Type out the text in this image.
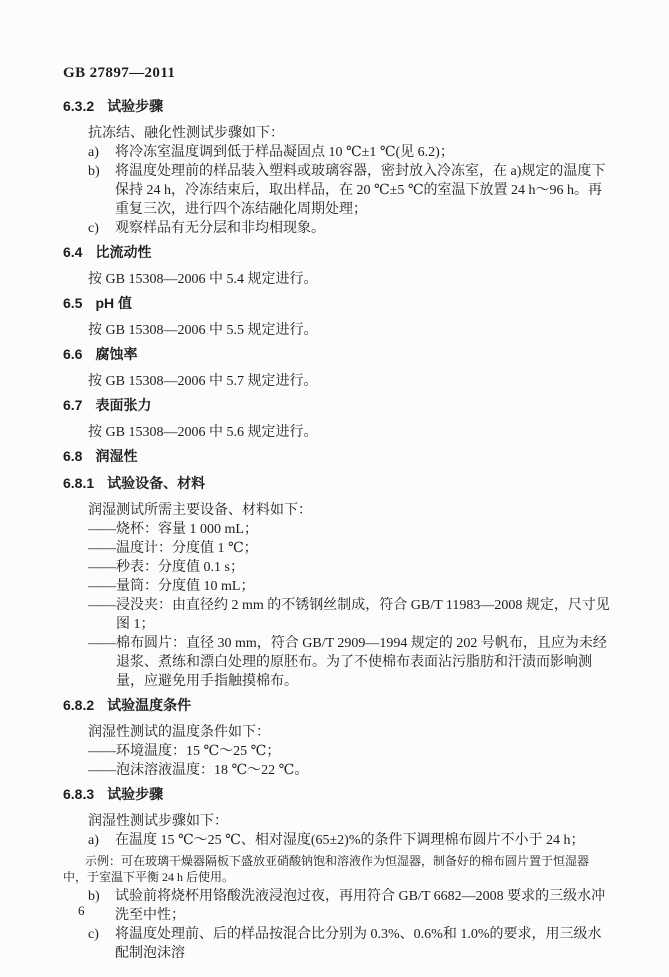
GB 27897—2011
6.3.2 试验步骤

抗冻结、融化性测试步骤如下：

a)	将冷冻室温度调到低于样品凝固点 10 ℃±1 ℃(见 6.2)；
b)	将温度处理前的样品装入塑料或玻璃容器，密封放入冷冻室，在 a)规定的温度下保持 24 h，冷冻结束后，取出样品，在 20 ℃±5 ℃的室温下放置 24 h～96 h。再重复三次，进行四个冻结融化周期处理；
c)	观察样品有无分层和非均相现象。
6.4 比流动性

按 GB 15308—2006 中 5.4 规定进行。

6.5 pH 值

按 GB 15308—2006 中 5.5 规定进行。

6.6 腐蚀率

按 GB 15308—2006 中 5.7 规定进行。

6.7 表面张力

按 GB 15308—2006 中 5.6 规定进行。

6.8 润湿性
6.8.1 试验设备、材料

润湿测试所需主要设备、材料如下：

——烧杯：容量 1 000 mL；
——温度计：分度值 1 ℃；
——秒表：分度值 0.1 s；
——量筒：分度值 10 mL；
——浸没夹：由直径约 2 mm 的不锈钢丝制成，符合 GB/T 11983—2008 规定，尺寸见图 1；
——棉布圆片：直径 30 mm，符合 GB/T 2909—1994 规定的 202 号帆布，且应为未经退浆、煮练和漂白处理的原胚布。为了不使棉布表面沾污脂肪和汗渍而影响测量，应避免用手指触摸棉布。
6.8.2 试验温度条件

润湿性测试的温度条件如下：

——环境温度：15 ℃～25 ℃；
——泡沫溶液温度：18 ℃～22 ℃。
6.8.3 试验步骤

润湿性测试步骤如下：

a)	在温度 15 ℃～25 ℃、相对湿度(65±2)%的条件下调理棉布圆片不小于 24 h；

示例：可在玻璃干燥器隔板下盛放亚硝酸钠饱和溶液作为恒湿器，制备好的棉布圆片置于恒湿器中，于室温下平衡 24 h 后使用。

b)	试验前将烧杯用铬酸洗液浸泡过夜，再用符合 GB/T 6682—2008 要求的三级水冲洗至中性；
c)	将温度处理前、后的样品按混合比分别为 0.3%、0.6%和 1.0%的要求，用三级水配制泡沫溶
6
